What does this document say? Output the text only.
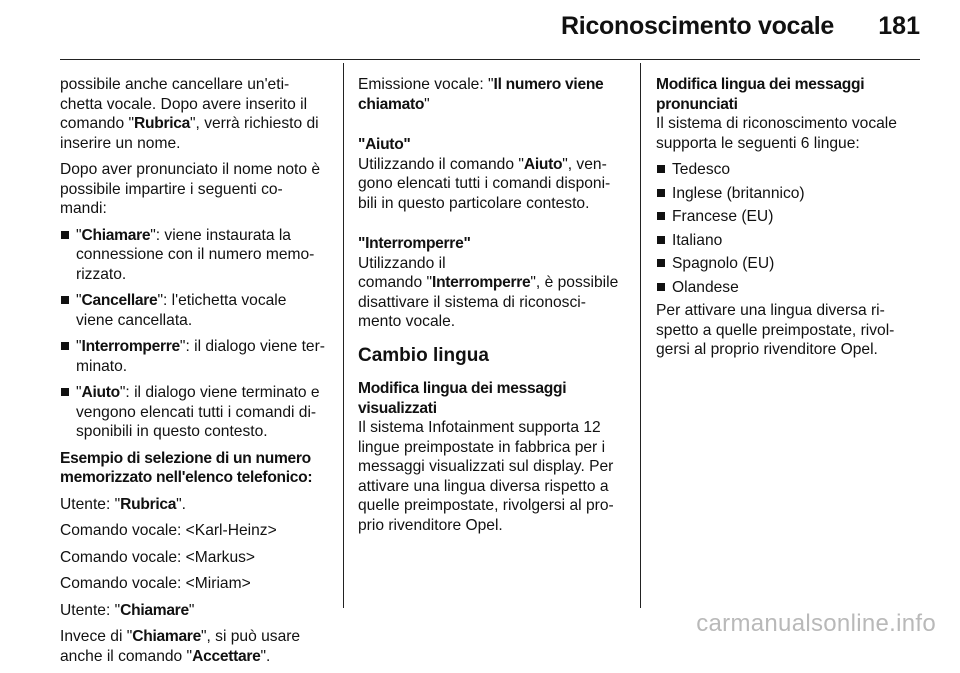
Riconoscimento vocale 181

possibile anche cancellare un'eti-
chetta vocale. Dopo avere inserito il
comando "Rubrica", verrà richiesto di
inserire un nome.

Dopo aver pronunciato il nome noto è
possibile impartire i seguenti co-
mandi:

"Chiamare": viene instaurata la
connessione con il numero memo-
rizzato.
"Cancellare": l'etichetta vocale
viene cancellata.
"Interromperre": il dialogo viene ter-
minato.
"Aiuto": il dialogo viene terminato e
vengono elencati tutti i comandi di-
sponibili in questo contesto.

Esempio di selezione di un numero
memorizzato nell'elenco telefonico:

Utente: "Rubrica".

Comando vocale: <Karl-Heinz>

Comando vocale: <Markus>

Comando vocale: <Miriam>

Utente: "Chiamare"

Invece di "Chiamare", si può usare
anche il comando "Accettare".

Emissione vocale: "Il numero viene
chiamato"

"Aiuto"

Utilizzando il comando "Aiuto", ven-
gono elencati tutti i comandi disponi-
bili in questo particolare contesto.

"Interromperre"

Utilizzando il
comando "Interromperre", è possibile
disattivare il sistema di riconosci-
mento vocale.

Cambio lingua

Modifica lingua dei messaggi
visualizzati

Il sistema Infotainment supporta 12
lingue preimpostate in fabbrica per i
messaggi visualizzati sul display. Per
attivare una lingua diversa rispetto a
quelle preimpostate, rivolgersi al pro-
prio rivenditore Opel.

Modifica lingua dei messaggi
pronunciati

Il sistema di riconoscimento vocale
supporta le seguenti 6 lingue:

Tedesco
Inglese (britannico)
Francese (EU)
Italiano
Spagnolo (EU)
Olandese

Per attivare una lingua diversa ri-
spetto a quelle preimpostate, rivol-
gersi al proprio rivenditore Opel.

carmanualsonline.info
